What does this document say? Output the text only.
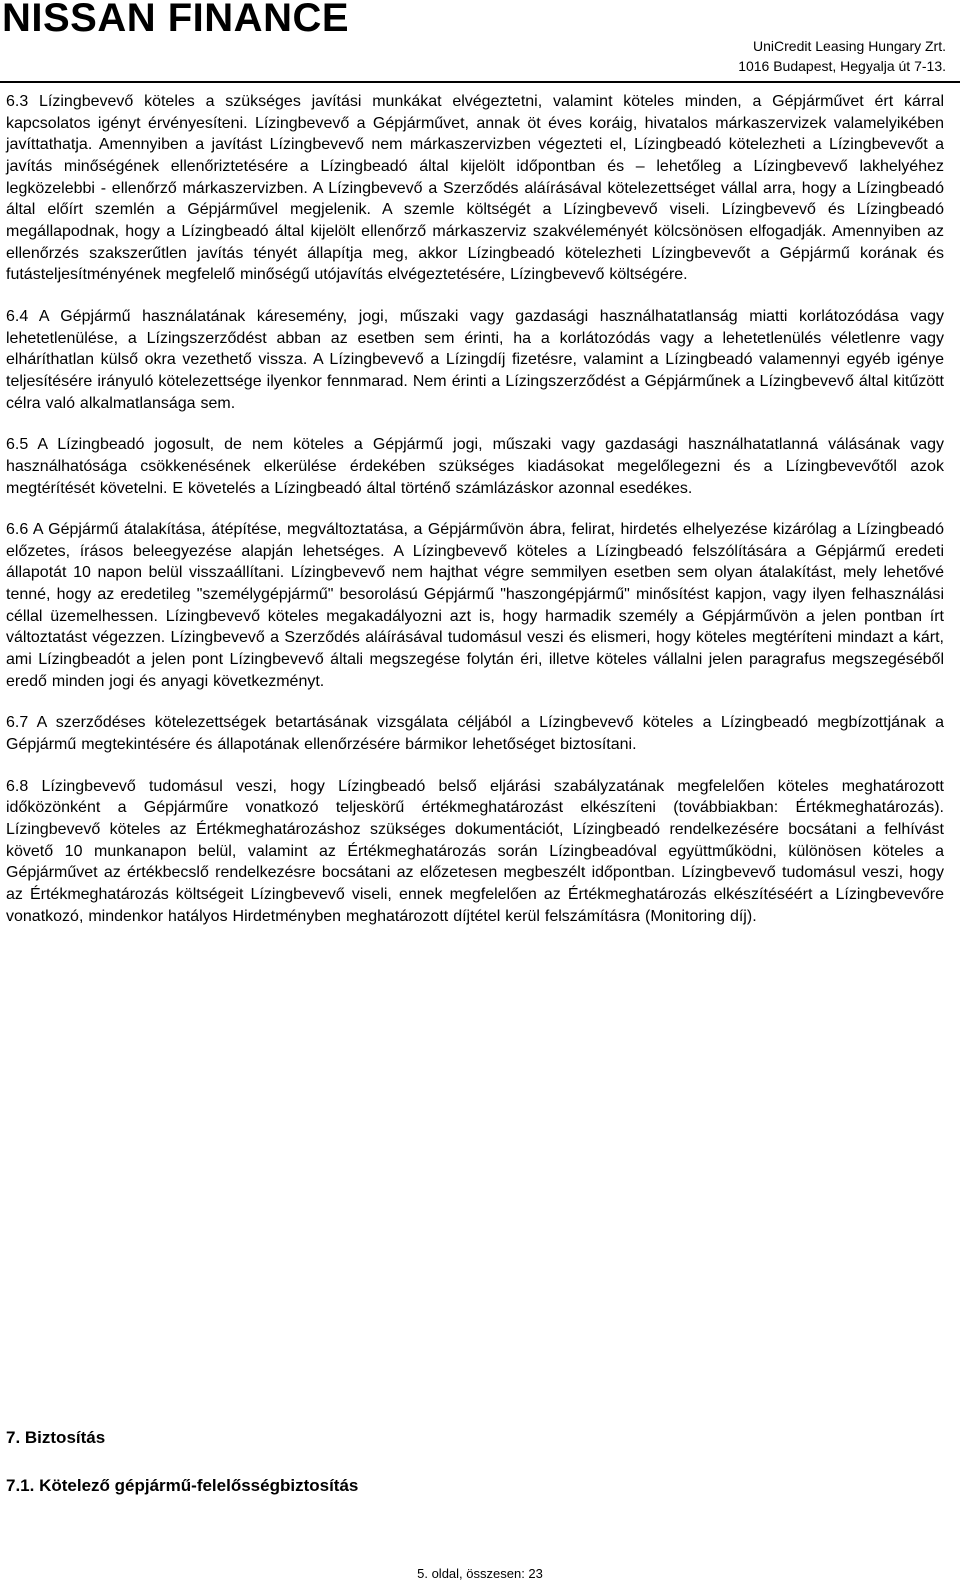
NISSAN FINANCE
UniCredit Leasing Hungary Zrt.
1016 Budapest, Hegyalja út 7-13.

6.3 Lízingbevevő köteles a szükséges javítási munkákat elvégeztetni, valamint köteles minden, a Gépjárművet ért kárral kapcsolatos igényt érvényesíteni. Lízingbevevő a Gépjárművet, annak öt éves koráig, hivatalos márkaszervizek valamelyikében javíttathatja. Amennyiben a javítást Lízingbevevő nem márkaszervizben végezteti el, Lízingbeadó kötelezheti a Lízingbevevőt a javítás minőségének ellenőriztetésére a Lízingbeadó által kijelölt időpontban és – lehetőleg a Lízingbevevő lakhelyéhez legközelebbi - ellenőrző márkaszervizben. A Lízingbevevő a Szerződés aláírásával kötelezettséget vállal arra, hogy a Lízingbeadó által előírt szemlén a Gépjárművel megjelenik. A szemle költségét a Lízingbevevő viseli. Lízingbevevő és Lízingbeadó megállapodnak, hogy a Lízingbeadó által kijelölt ellenőrző márkaszerviz szakvéleményét kölcsönösen elfogadják. Amennyiben az ellenőrzés szakszerűtlen javítás tényét állapítja meg, akkor Lízingbeadó kötelezheti Lízingbevevőt a Gépjármű korának és futásteljesítményének megfelelő minőségű utójavítás elvégeztetésére, Lízingbevevő költségére.

6.4 A Gépjármű használatának káresemény, jogi, műszaki vagy gazdasági használhatatlanság miatti korlátozódása vagy lehetetlenülése, a Lízingszerződést abban az esetben sem érinti, ha a korlátozódás vagy a lehetetlenülés véletlenre vagy elháríthatlan külső okra vezethető vissza. A Lízingbevevő a Lízingdíj fizetésre, valamint a Lízingbeadó valamennyi egyéb igénye teljesítésére irányuló kötelezettsége ilyenkor fennmarad. Nem érinti a Lízingszerződést a Gépjárműnek a Lízingbevevő által kitűzött célra való alkalmatlansága sem.

6.5 A Lízingbeadó jogosult, de nem köteles a Gépjármű jogi, műszaki vagy gazdasági használhatatlanná válásának vagy használhatósága csökkenésének elkerülése érdekében szükséges kiadásokat megelőlegezni és a Lízingbevevőtől azok megtérítését követelni. E követelés a Lízingbeadó által történő számlázáskor azonnal esedékes.

6.6 A Gépjármű átalakítása, átépítése, megváltoztatása, a Gépjárművön ábra, felirat, hirdetés elhelyezése kizárólag a Lízingbeadó előzetes, írásos beleegyezése alapján lehetséges. A Lízingbevevő köteles a Lízingbeadó felszólítására a Gépjármű eredeti állapotát 10 napon belül visszaállítani. Lízingbevevő nem hajthat végre semmilyen esetben sem olyan átalakítást, mely lehetővé tenné, hogy az eredetileg "személygépjármű" besorolású Gépjármű "haszongépjármű" minősítést kapjon, vagy ilyen felhasználási céllal üzemelhessen. Lízingbevevő köteles megakadályozni azt is, hogy harmadik személy a Gépjárművön a jelen pontban írt változtatást végezzen. Lízingbevevő a Szerződés aláírásával tudomásul veszi és elismeri, hogy köteles megtéríteni mindazt a kárt, ami Lízingbeadót a jelen pont Lízingbevevő általi megszegése folytán éri, illetve köteles vállalni jelen paragrafus megszegéséből eredő minden jogi és anyagi következményt.

6.7 A szerződéses kötelezettségek betartásának vizsgálata céljából a Lízingbevevő köteles a Lízingbeadó megbízottjának a Gépjármű megtekintésére és állapotának ellenőrzésére bármikor lehetőséget biztosítani.

6.8 Lízingbevevő tudomásul veszi, hogy Lízingbeadó belső eljárási szabályzatának megfelelően köteles meghatározott időközönként a Gépjárműre vonatkozó teljeskörű értékmeghatározást elkészíteni (továbbiakban: Értékmeghatározás). Lízingbevevő köteles az Értékmeghatározáshoz szükséges dokumentációt, Lízingbeadó rendelkezésére bocsátani a felhívást követő 10 munkanapon belül, valamint az Értékmeghatározás során Lízingbeadóval együttműködni, különösen köteles a Gépjárművet az értékbecslő rendelkezésre bocsátani az előzetesen megbeszélt időpontban. Lízingbevevő tudomásul veszi, hogy az Értékmeghatározás költségeit Lízingbevevő viseli, ennek megfelelően az Értékmeghatározás elkészítéséért a Lízingbevevőre vonatkozó, mindenkor hatályos Hirdetményben meghatározott díjtétel kerül felszámításra (Monitoring díj).

7. Biztosítás
7.1. Kötelező gépjármű-felelősségbiztosítás
5. oldal, összesen: 23
